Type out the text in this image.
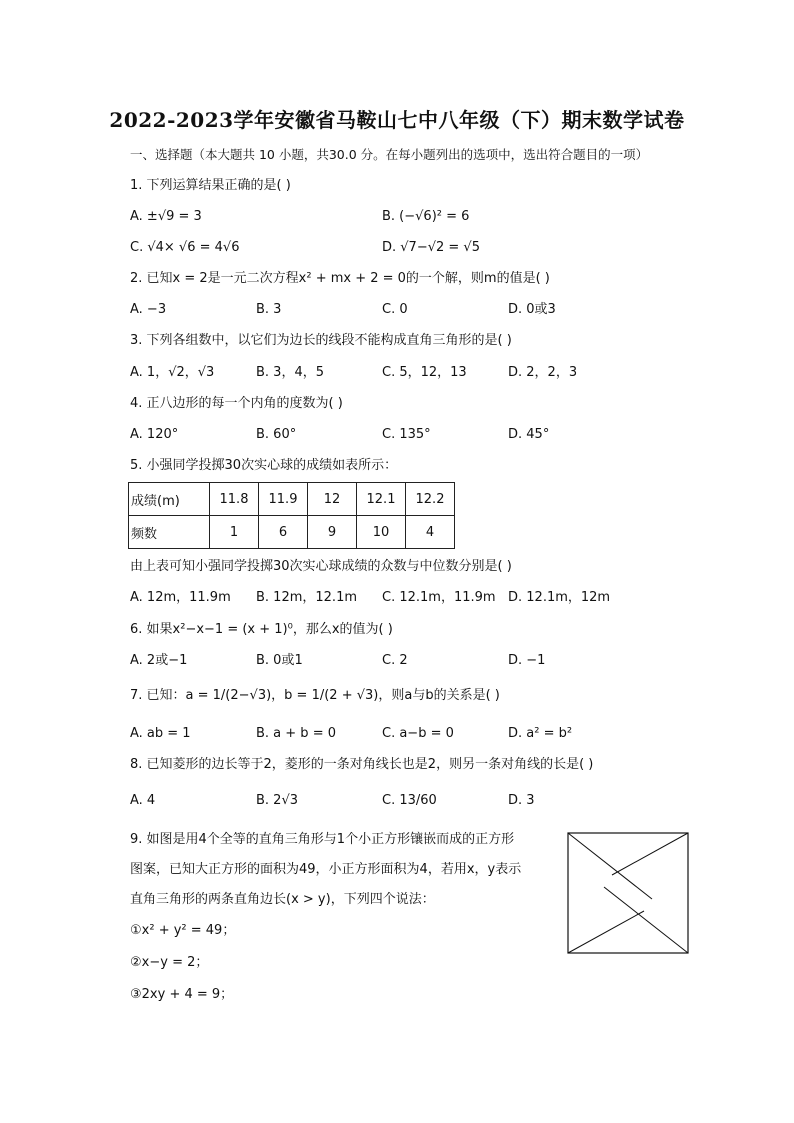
2022-2023学年安徽省马鞍山七中八年级（下）期末数学试卷
一、选择题（本大题共 10 小题，共30.0 分。在每小题列出的选项中，选出符合题目的一项）
1. 下列运算结果正确的是( )
A. ±√9 = 3	B. (−√6)² = 6
C. √4× √6 = 4√6	D. √7−√2 = √5
2. 已知x = 2是一元二次方程x² + mx + 2 = 0的一个解，则m的值是( )
A. −3	B. 3	C. 0	D. 0或3
3. 下列各组数中，以它们为边长的线段不能构成直角三角形的是( )
A. 1，√2，√3	B. 3，4，5	C. 5，12，13	D. 2，2，3
4. 正八边形的每一个内角的度数为( )
A. 120°	B. 60°	C. 135°	D. 45°
5. 小强同学投掷30次实心球的成绩如表所示：
成绩(m)	11.8	11.9	12	12.1	12.2
频数	1	6	9	10	4
由上表可知小强同学投掷30次实心球成绩的众数与中位数分别是( )
A. 12m，11.9m B. 12m，12.1m C. 12.1m，11.9m D. 12.1m，12m
6. 如果x²−x−1 = (x + 1)⁰，那么x的值为( )
A. 2或−1	B. 0或1	C. 2	D. −1
7. 已知：a = 1/(2−√3)，b = 1/(2 + √3)，则a与b的关系是( )
A. ab = 1	B. a + b = 0	C. a−b = 0	D. a² = b²
8. 已知菱形的边长等于2，菱形的一条对角线长也是2，则另一条对角线的长是( )
A. 4	B. 2√3	C. 13/60	D. 3
9. 如图是用4个全等的直角三角形与1个小正方形镶嵌而成的正方形
图案，已知大正方形的面积为49，小正方形面积为4，若用x，y表示
直角三角形的两条直角边长(x > y)，下列四个说法：
①x² + y² = 49；
②x−y = 2；
③2xy + 4 = 9；
